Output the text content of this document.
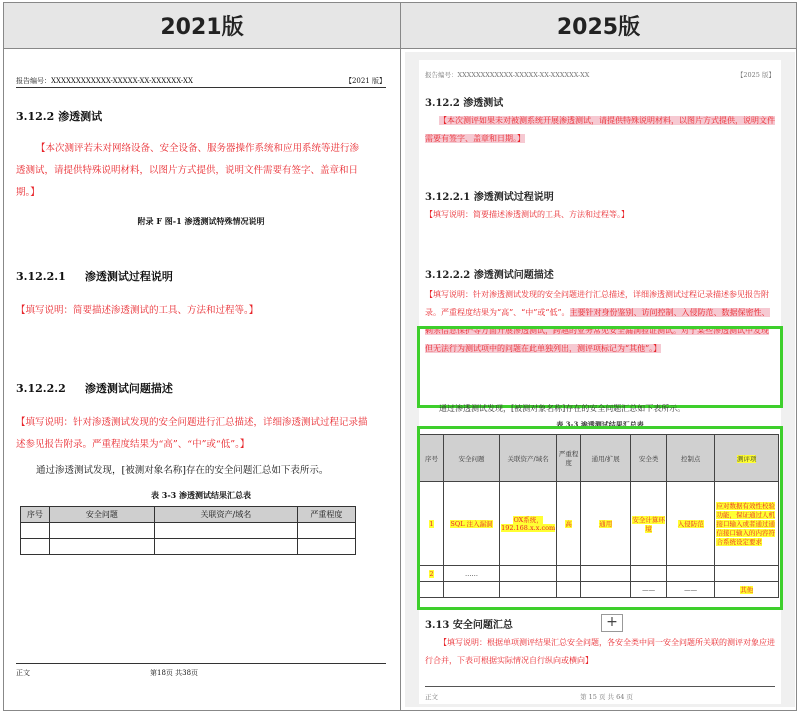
2021版	2025版
报告编号：XXXXXXXXXXXX-XXXXX-XX-XXXXXX-XX	【2021 版】
3.12.2 渗透测试
【本次测评若未对网络设备、安全设备、服务器操作系统和应用系统等进行渗透测试，请提供特殊说明材料，以图片方式提供，说明文件需要有签字、盖章和日期。】
附录 F 图-1 渗透测试特殊情况说明
3.12.2.1 渗透测试过程说明
【填写说明：简要描述渗透测试的工具、方法和过程等。】
3.12.2.2 渗透测试问题描述
【填写说明：针对渗透测试发现的安全问题进行汇总描述，详细渗透测试过程记录描述参见报告附录。严重程度结果为“高”、“中”或“低”。】
通过渗透测试发现，[被测对象名称]存在的安全问题汇总如下表所示。
表 3-3 渗透测试结果汇总表
序号	安全问题	关联资产/域名	严重程度

正文	第18页 共38页
报告编号：XXXXXXXXXXXX-XXXXX-XX-XXXXXX-XX	【2025 版】
3.12.2 渗透测试
【本次测评如果未对被测系统开展渗透测试，请提供特殊说明材料，以图片方式提供，说明文件需要有签字、盖章和日期。】
3.12.2.1 渗透测试过程说明
【填写说明：简要描述渗透测试的工具、方法和过程等。】
3.12.2.2 渗透测试问题描述
【填写说明：针对渗透测试发现的安全问题进行汇总描述，详细渗透测试过程记录描述参见报告附录。严重程度结果为“高”、“中”或“低”。主要针对身份鉴别、访问控制、入侵防范、数据保密性、剩余信息保护等方面开展渗透测试，跨越的业务常见安全漏洞验证测试。对于某些渗透测试中发现但无法行为测试项中的问题在此单独列出，测评项标记为“其他”。】
通过渗透测试发现，[被测对象名称]存在的安全问题汇总如下表所示。
表 3-3 渗透测试结果汇总表
序号	安全问题	关联资产/域名	严重程度	通用/扩展	安全类	控制点	测评项
1	SQL 注入漏洞	OX系统，192.168.x.x.com	高	通用	安全计算环境	入侵防范	应对数据有效性校验功能，保证通过人机接口输入或者通过通信接口输入的内容符合系统设定要求
2	……						
					——	——	其他
+
3.13 安全问题汇总
【填写说明：根据单项测评结果汇总安全问题，各安全类中同一安全问题所关联的测评对象应进行合并，下表可根据实际情况自行纵向或横向】
正文	第 15 页 共 64 页
